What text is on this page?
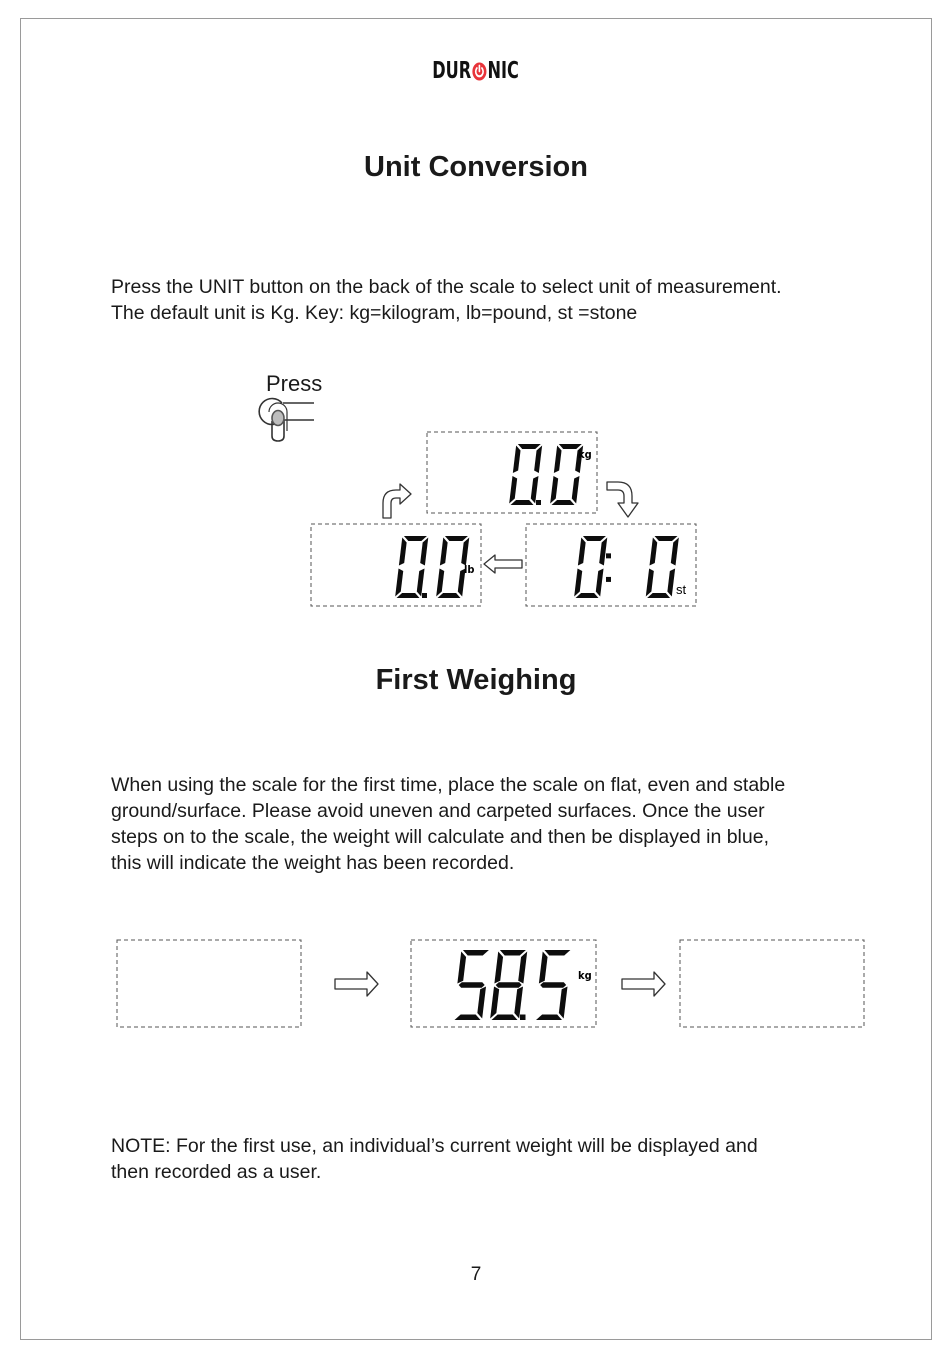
DUR NIC
Unit Conversion

Press the UNIT button on the back of the scale to select unit of measurement.
The default unit is Kg. Key: kg=kilogram, lb=pound, st =stone

Press
kg
lb
st
kg
First Weighing

When using the scale for the first time, place the scale on flat, even and stable
ground/surface. Please avoid uneven and carpeted surfaces. Once the user
steps on to the scale, the weight will calculate and then be displayed in blue,
this will indicate the weight has been recorded.

NOTE: For the first use, an individual’s current weight will be displayed and
then recorded as a user.

7
